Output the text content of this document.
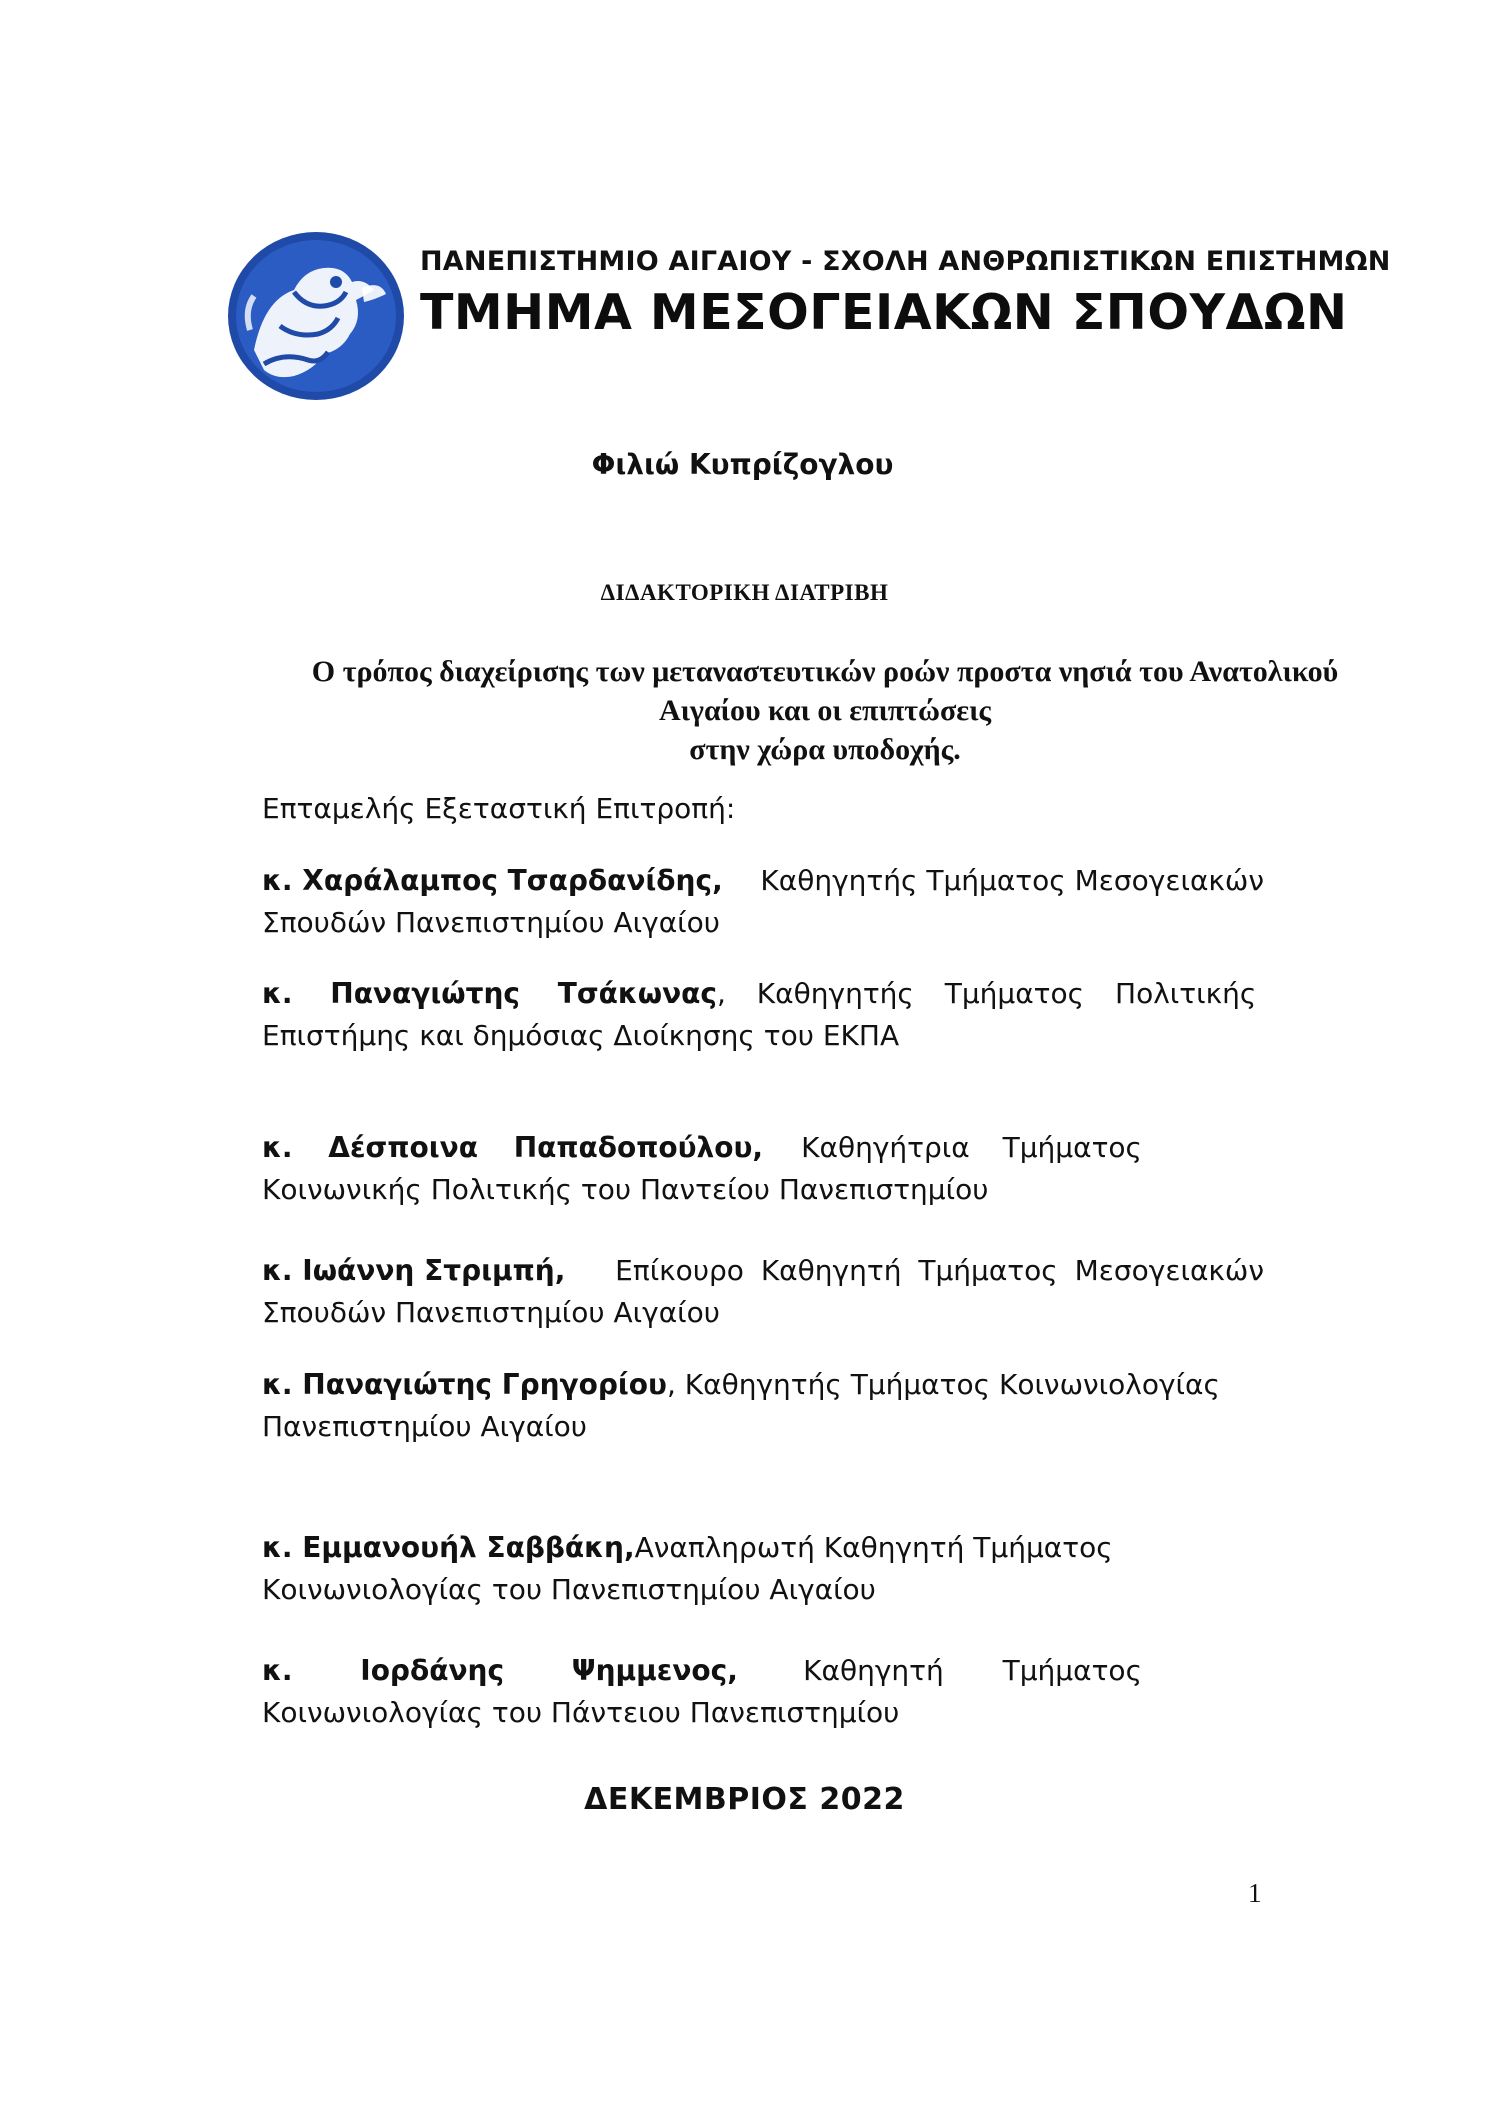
ΠΑΝΕΠΙΣΤΗΜΙΟ ΑΙΓΑΙΟΥ - ΣΧΟΛΗ ΑΝΘΡΩΠΙΣΤΙΚΩΝ ΕΠΙΣΤΗΜΩΝ
ΤΜΗΜΑ ΜΕΣΟΓΕΙΑΚΩΝ ΣΠΟΥΔΩΝ
Φιλιώ Κυπρίζογλου
ΔΙΔΑΚΤΟΡΙΚΗ ΔΙΑΤΡΙΒΗ
Ο τρόπος διαχείρισης των μεταναστευτικών ροών προστα νησιά του Ανατολικού
Αιγαίου και οι επιπτώσεις
στην χώρα υποδοχής.
Επταμελής Εξεταστική Επιτροπή:
κ. Χαράλαμπος Τσαρδανίδης, Καθηγητής Τμήματος Μεσογειακών
Σπουδών Πανεπιστημίου Αιγαίου
κ. Παναγιώτης Τσάκωνας , Καθηγητής Τμήματος Πολιτικής
Επιστήμης και δημόσιας Διοίκησης του ΕΚΠΑ
κ. Δέσποινα Παπαδοπούλου, Καθηγήτρια Τμήματος
Κοινωνικής Πολιτικής του Παντείου Πανεπιστημίου
κ. Ιωάννη Στριμπή, Επίκουρο Καθηγητή Τμήματος Μεσογειακών
Σπουδών Πανεπιστημίου Αιγαίου
κ. Παναγιώτης Γρηγορίου , Καθηγητής Τμήματος Κοινωνιολογίας
Πανεπιστημίου Αιγαίου
κ. Εμμανουήλ Σαββάκη, Αναπληρωτή Καθηγητή Τμήματος
Κοινωνιολογίας του Πανεπιστημίου Αιγαίου
κ. Ιορδάνης Ψημμενος, Καθηγητή Τμήματος
Κοινωνιολογίας του Πάντειου Πανεπιστημίου
ΔΕΚΕΜΒΡΙΟΣ 2022
1
